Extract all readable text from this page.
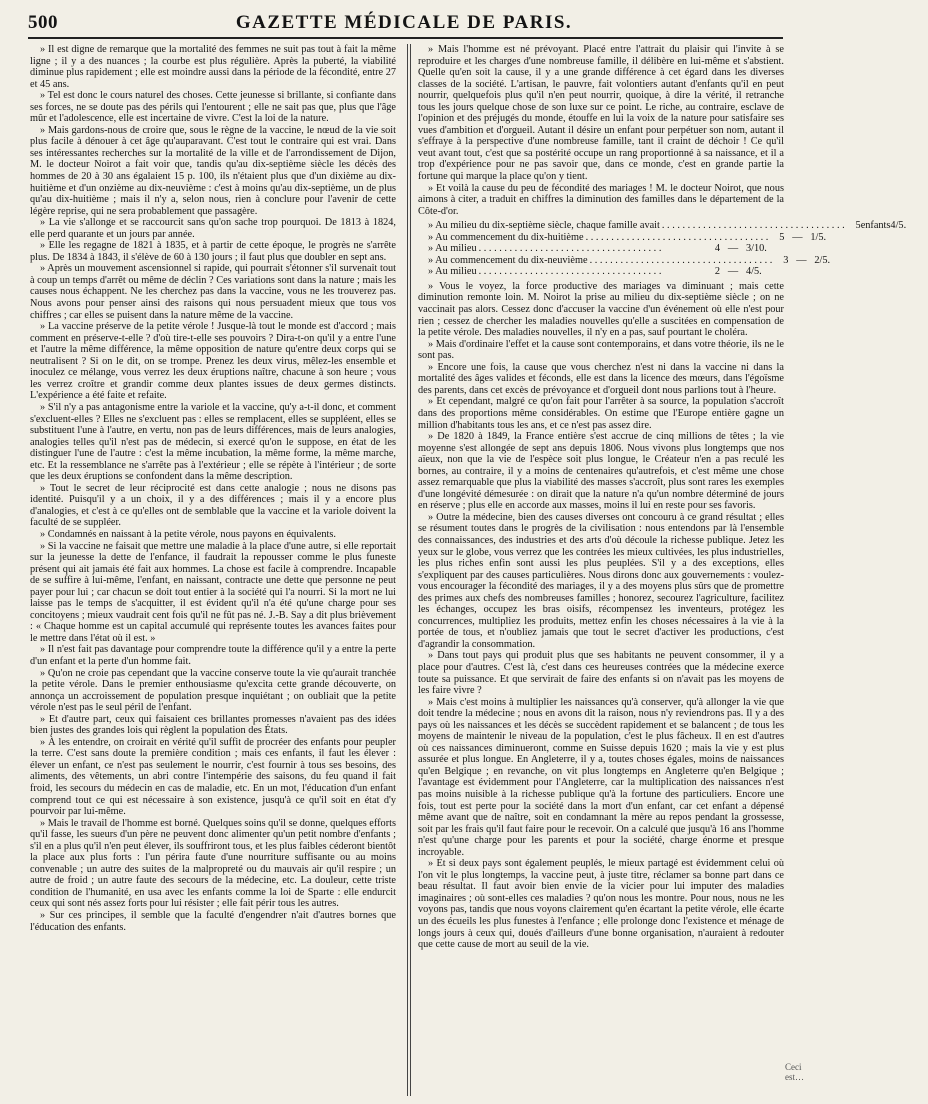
500	GAZETTE MÉDICALE DE PARIS.

» Il est digne de remarque que la mortalité des femmes ne suit pas tout à fait la même ligne ; il y a des nuances ; la courbe est plus régulière. Après la puberté, la viabilité diminue plus rapidement ; elle est moindre aussi dans la période de la fécondité, entre 27 et 45 ans.

» Tel est donc le cours naturel des choses. Cette jeunesse si brillante, si confiante dans ses forces, ne se doute pas des périls qui l'entourent ; elle ne sait pas que, plus que l'âge mûr et l'adolescence, elle est incertaine de vivre. C'est la loi de la nature.

» Mais gardons-nous de croire que, sous le règne de la vaccine, le nœud de la vie soit plus facile à dénouer à cet âge qu'auparavant. C'est tout le contraire qui est vrai. Dans ses intéressantes recherches sur la mortalité de la ville et de l'arrondissement de Dijon, M. le docteur Noirot a fait voir que, tandis qu'au dix-septième siècle les décès des hommes de 20 à 30 ans égalaient 15 p. 100, ils n'étaient plus que d'un dixième au dix-huitième et d'un onzième au dix-neuvième : c'est à moins qu'au dix-septième, un de plus qu'au dix-huitième ; mais il n'y a, selon nous, rien à conclure pour l'avenir de cette légère reprise, qui ne sera probablement que passagère.

» La vie s'allonge et se raccourcit sans qu'on sache trop pourquoi. De 1813 à 1824, elle perd quarante et un jours par année.

» Elle les regagne de 1821 à 1835, et à partir de cette époque, le progrès ne s'arrête plus. De 1834 à 1843, il s'élève de 60 à 130 jours ; il faut plus que doubler en sept ans.

» Après un mouvement ascensionnel si rapide, qui pourrait s'étonner s'il survenait tout à coup un temps d'arrêt ou même de déclin ? Ces variations sont dans la nature ; mais les causes nous échappent. Ne les cherchez pas dans la vaccine, vous ne les trouverez pas. Nous avons pour penser ainsi des raisons qui nous persuadent mieux que tous vos chiffres ; car elles se puisent dans la nature même de la vaccine.

» La vaccine préserve de la petite vérole ! Jusque-là tout le monde est d'accord ; mais comment en préserve-t-elle ? d'où tire-t-elle ses pouvoirs ? Dira-t-on qu'il y a entre l'une et l'autre la même différence, la même opposition de nature qu'entre deux corps qui se neutralisent ? Si on le dit, on se trompe. Prenez les deux virus, mêlez-les ensemble et inoculez ce mélange, vous verrez les deux éruptions naître, chacune à son heure ; vous les verrez croître et grandir comme deux plantes issues de deux germes distincts. L'expérience a été faite et refaite.

» S'il n'y a pas antagonisme entre la variole et la vaccine, qu'y a-t-il donc, et comment s'excluent-elles ? Elles ne s'excluent pas : elles se remplacent, elles se suppléent, elles se substituent l'une à l'autre, en vertu, non pas de leurs différences, mais de leurs analogies, analogies telles qu'il n'est pas de médecin, si exercé qu'on le suppose, en état de les distinguer l'une de l'autre : c'est la même incubation, la même forme, la même marche, etc. Et la ressemblance ne s'arrête pas à l'extérieur ; elle se répète à l'intérieur ; de sorte que les deux éruptions se confondent dans la même description.

» Tout le secret de leur réciprocité est dans cette analogie ; nous ne disons pas identité. Puisqu'il y a un choix, il y a des différences ; mais il y a encore plus d'analogies, et c'est à ce qu'elles ont de semblable que la vaccine et la variole doivent la faculté de se suppléer.

» Condamnés en naissant à la petite vérole, nous payons en équivalents.

» Si la vaccine ne faisait que mettre une maladie à la place d'une autre, si elle reportait sur la jeunesse la dette de l'enfance, il faudrait la repousser comme le plus funeste présent qui ait jamais été fait aux hommes. La chose est facile à comprendre. Incapable de se suffire à lui-même, l'enfant, en naissant, contracte une dette que personne ne peut payer pour lui ; car chacun se doit tout entier à la société qui l'a nourri. Si la mort ne lui laisse pas le temps de s'acquitter, il est évident qu'il n'a été qu'une charge pour ses concitoyens ; mieux vaudrait cent fois qu'il ne fût pas né. J.-B. Say a dit plus brièvement : « Chaque homme est un capital accumulé qui représente toutes les avances faites pour le mettre dans l'état où il est. »

» Il n'est fait pas davantage pour comprendre toute la différence qu'il y a entre la perte d'un enfant et la perte d'un homme fait.

» Qu'on ne croie pas cependant que la vaccine conserve toute la vie qu'aurait tranchée la petite vérole. Dans le premier enthousiasme qu'excita cette grande découverte, on annonça un accroissement de population presque inquiétant ; on oubliait que la petite vérole n'est pas le seul péril de l'enfant.

» Et d'autre part, ceux qui faisaient ces brillantes promesses n'avaient pas des idées bien justes des grandes lois qui règlent la population des États.

» À les entendre, on croirait en vérité qu'il suffit de procréer des enfants pour peupler la terre. C'est sans doute la première condition ; mais ces enfants, il faut les élever : élever un enfant, ce n'est pas seulement le nourrir, c'est fournir à tous ses besoins, des aliments, des vêtements, un abri contre l'intempérie des saisons, du feu quand il fait froid, les secours du médecin en cas de maladie, etc. En un mot, l'éducation d'un enfant comprend tout ce qui est nécessaire à son existence, jusqu'à ce qu'il soit en état d'y pourvoir par lui-même.

» Mais le travail de l'homme est borné. Quelques soins qu'il se donne, quelques efforts qu'il fasse, les sueurs d'un père ne peuvent donc alimenter qu'un petit nombre d'enfants ; s'il en a plus qu'il n'en peut élever, ils souffriront tous, et les plus faibles céderont bientôt la place aux plus forts : l'un périra faute d'une nourriture suffisante ou au moins convenable ; un autre des suites de la malpropreté ou du mauvais air qu'il respire ; un autre de froid ; un autre faute des secours de la médecine, etc. La douleur, cette triste condition de l'humanité, en usa avec les enfants comme la loi de Sparte : elle endurcit ceux qui sont nés assez forts pour lui résister ; elle fait périr tous les autres.

» Sur ces principes, il semble que la faculté d'engendrer n'ait d'autres bornes que l'éducation des enfants.

» Mais l'homme est né prévoyant. Placé entre l'attrait du plaisir qui l'invite à se reproduire et les charges d'une nombreuse famille, il délibère en lui-même et s'abstient. Quelle qu'en soit la cause, il y a une grande différence à cet égard dans les diverses classes de la société. L'artisan, le pauvre, fait volontiers autant d'enfants qu'il en peut nourrir, quelquefois plus qu'il n'en peut nourrir, quoique, à dire la vérité, il retranche tous les jours quelque chose de son luxe sur ce point. Le riche, au contraire, esclave de l'opinion et des préjugés du monde, étouffe en lui la voix de la nature pour satisfaire ses vues d'ambition et d'orgueil. Autant il désire un enfant pour perpétuer son nom, autant il s'effraye à la perspective d'une nombreuse famille, tant il craint de déchoir ! Ce qu'il veut avant tout, c'est que sa postérité occupe un rang proportionné à sa naissance, et il a trop d'expérience pour ne pas savoir que, dans ce monde, c'est en grande partie la fortune qui marque la place qu'on y tient.

» Et voilà la cause du peu de fécondité des mariages ! M. le docteur Noirot, que nous aimons à citer, a traduit en chiffres la diminution des familles dans le département de la Côte-d'or.

» Au milieu du dix-septième siècle, chaque famille avait . . .	5 enfants 4/5.
» Au commencement du dix-huitième . . .	5 — 1/5.
» Au milieu . . .	4 — 3/10.
» Au commencement du dix-neuvième . . .	3 — 2/5.
» Au milieu . . .	2 — 4/5.

» Vous le voyez, la force productive des mariages va diminuant ; mais cette diminution remonte loin. M. Noirot la prise au milieu du dix-septième siècle ; on ne vaccinait pas alors. Cessez donc d'accuser la vaccine d'un événement où elle n'est pour rien ; cessez de chercher les maladies nouvelles qu'elle a suscitées en compensation de la petite vérole. Des maladies nouvelles, il n'y en a pas, sauf pourtant le choléra.

» Mais d'ordinaire l'effet et la cause sont contemporains, et dans votre théorie, ils ne le sont pas.

» Encore une fois, la cause que vous cherchez n'est ni dans la vaccine ni dans la mortalité des âges valides et féconds, elle est dans la licence des mœurs, dans l'égoïsme des parents, dans cet excès de prévoyance et d'orgueil dont nous parlions tout à l'heure.

» Et cependant, malgré ce qu'on fait pour l'arrêter à sa source, la population s'accroît dans des proportions même considérables. On estime que l'Europe entière gagne un million d'habitants tous les ans, et ce n'est pas assez dire.

» De 1820 à 1849, la France entière s'est accrue de cinq millions de têtes ; la vie moyenne s'est allongée de sept ans depuis 1806. Nous vivons plus longtemps que nos aïeux, non que la vie de l'espèce soit plus longue, le Créateur n'en a pas reculé les bornes, au contraire, il y a moins de centenaires qu'autrefois, et c'est même une chose assez remarquable que plus la viabilité des masses s'accroît, plus sont rares les exemples d'une longévité démesurée : on dirait que la nature n'a qu'un nombre déterminé de jours en réserve ; plus elle en accorde aux masses, moins il lui en reste pour ses favoris.

» Outre la médecine, bien des causes diverses ont concouru à ce grand résultat ; elles se résument toutes dans le progrès de la civilisation : nous entendons par là l'ensemble des connaissances, des industries et des arts d'où découle la richesse publique. Jetez les yeux sur le globe, vous verrez que les contrées les mieux cultivées, les plus industrielles, les plus riches enfin sont aussi les plus peuplées. S'il y a des exceptions, elles s'expliquent par des causes particulières. Nous dirons donc aux gouvernements : voulez-vous encourager la fécondité des mariages, il y a des moyens plus sûrs que de promettre des primes aux chefs des nombreuses familles ; honorez, secourez l'agriculture, facilitez les échanges, occupez les bras oisifs, récompensez les inventeurs, protégez les concurrences, multipliez les produits, mettez enfin les choses nécessaires à la vie à la portée de tous, et n'oubliez jamais que tout le secret d'activer les productions, c'est d'agrandir la consommation.

» Dans tout pays qui produit plus que ses habitants ne peuvent consommer, il y a place pour d'autres. C'est là, c'est dans ces heureuses contrées que la médecine exerce toute sa puissance. Et que servirait de faire des enfants si on n'avait pas les moyens de les faire vivre ?

» Mais c'est moins à multiplier les naissances qu'à conserver, qu'à allonger la vie que doit tendre la médecine ; nous en avons dit la raison, nous n'y reviendrons pas. Il y a des pays où les naissances et les décès se succèdent rapidement et se balancent ; de tous les moyens de maintenir le niveau de la population, c'est le plus fâcheux. Il en est d'autres où ces naissances diminueront, comme en Suisse depuis 1620 ; mais la vie y est plus assurée et plus longue. En Angleterre, il y a, toutes choses égales, moins de naissances qu'en Belgique ; en revanche, on vit plus longtemps en Angleterre qu'en Belgique ; l'avantage est évidemment pour l'Angleterre, car la multiplication des naissances n'est pas moins nuisible à la richesse publique qu'à la fortune des particuliers. Encore une fois, tout est perte pour la société dans la mort d'un enfant, car cet enfant a dépensé même avant que de naître, soit en condamnant la mère au repos pendant la grossesse, soit par les frais qu'il faut faire pour le recevoir. On a calculé que jusqu'à 16 ans l'homme n'est qu'une charge pour les parents et pour la société, charge énorme et presque incroyable.

» Et si deux pays sont également peuplés, le mieux partagé est évidemment celui où l'on vit le plus longtemps, la vaccine peut, à juste titre, réclamer sa bonne part dans ce beau résultat. Il faut avoir bien envie de la vicier pour lui imputer des maladies imaginaires ; où sont-elles ces maladies ? qu'on nous les montre. Pour nous, nous ne les voyons pas, tandis que nous voyons clairement qu'en écartant la petite vérole, elle écarte un des écueils les plus funestes à l'enfance ; elle prolonge donc l'existence et ménage de longs jours à ceux qui, doués d'ailleurs d'une bonne organisation, n'auraient à redouter que cette cause de mort au seuil de la vie.

Ceci est…
